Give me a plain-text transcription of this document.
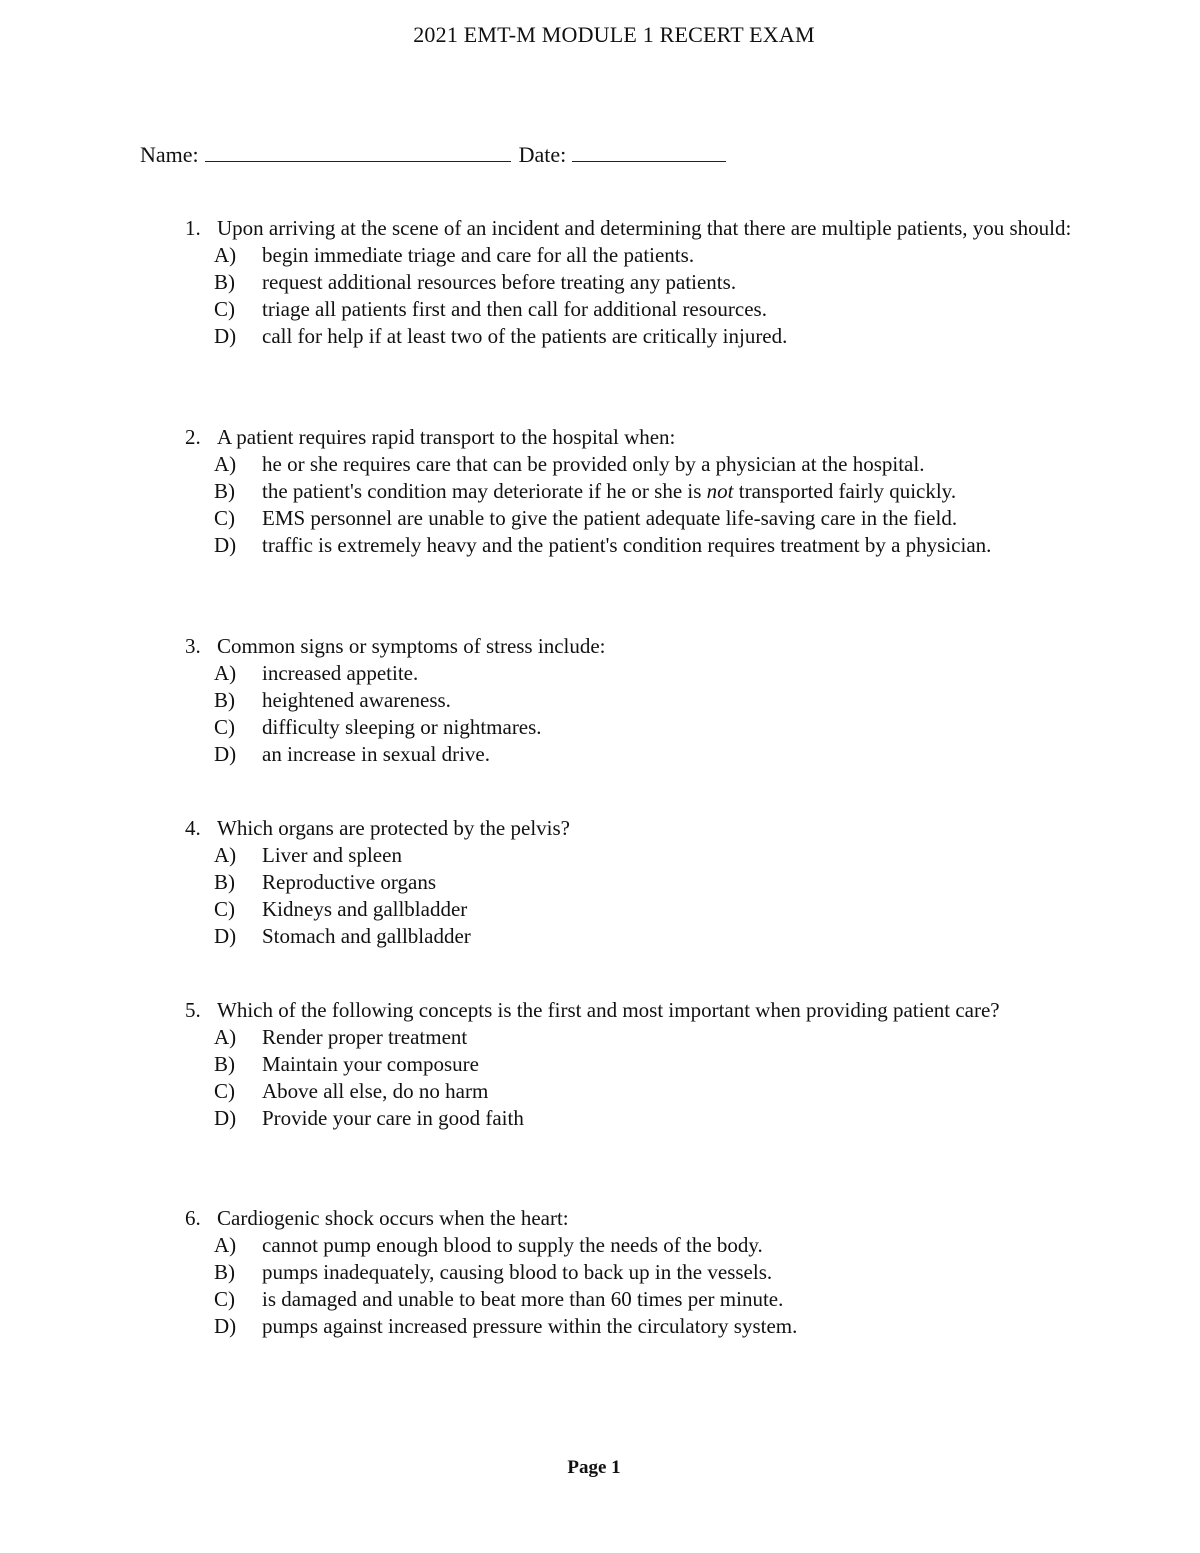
2021 EMT-M MODULE 1 RECERT EXAM
Name:	Date:
1. Upon arriving at the scene of an incident and determining that there are multiple patients, you should:
A) begin immediate triage and care for all the patients.
B) request additional resources before treating any patients.
C) triage all patients first and then call for additional resources.
D) call for help if at least two of the patients are critically injured.
2. A patient requires rapid transport to the hospital when:
A) he or she requires care that can be provided only by a physician at the hospital.
B) the patient's condition may deteriorate if he or she is not transported fairly quickly.
C) EMS personnel are unable to give the patient adequate life-saving care in the field.
D) traffic is extremely heavy and the patient's condition requires treatment by a physician.
3. Common signs or symptoms of stress include:
A) increased appetite.
B) heightened awareness.
C) difficulty sleeping or nightmares.
D) an increase in sexual drive.
4. Which organs are protected by the pelvis?
A) Liver and spleen
B) Reproductive organs
C) Kidneys and gallbladder
D) Stomach and gallbladder
5. Which of the following concepts is the first and most important when providing patient care?
A) Render proper treatment
B) Maintain your composure
C) Above all else, do no harm
D) Provide your care in good faith
6. Cardiogenic shock occurs when the heart:
A) cannot pump enough blood to supply the needs of the body.
B) pumps inadequately, causing blood to back up in the vessels.
C) is damaged and unable to beat more than 60 times per minute.
D) pumps against increased pressure within the circulatory system.
Page 1
